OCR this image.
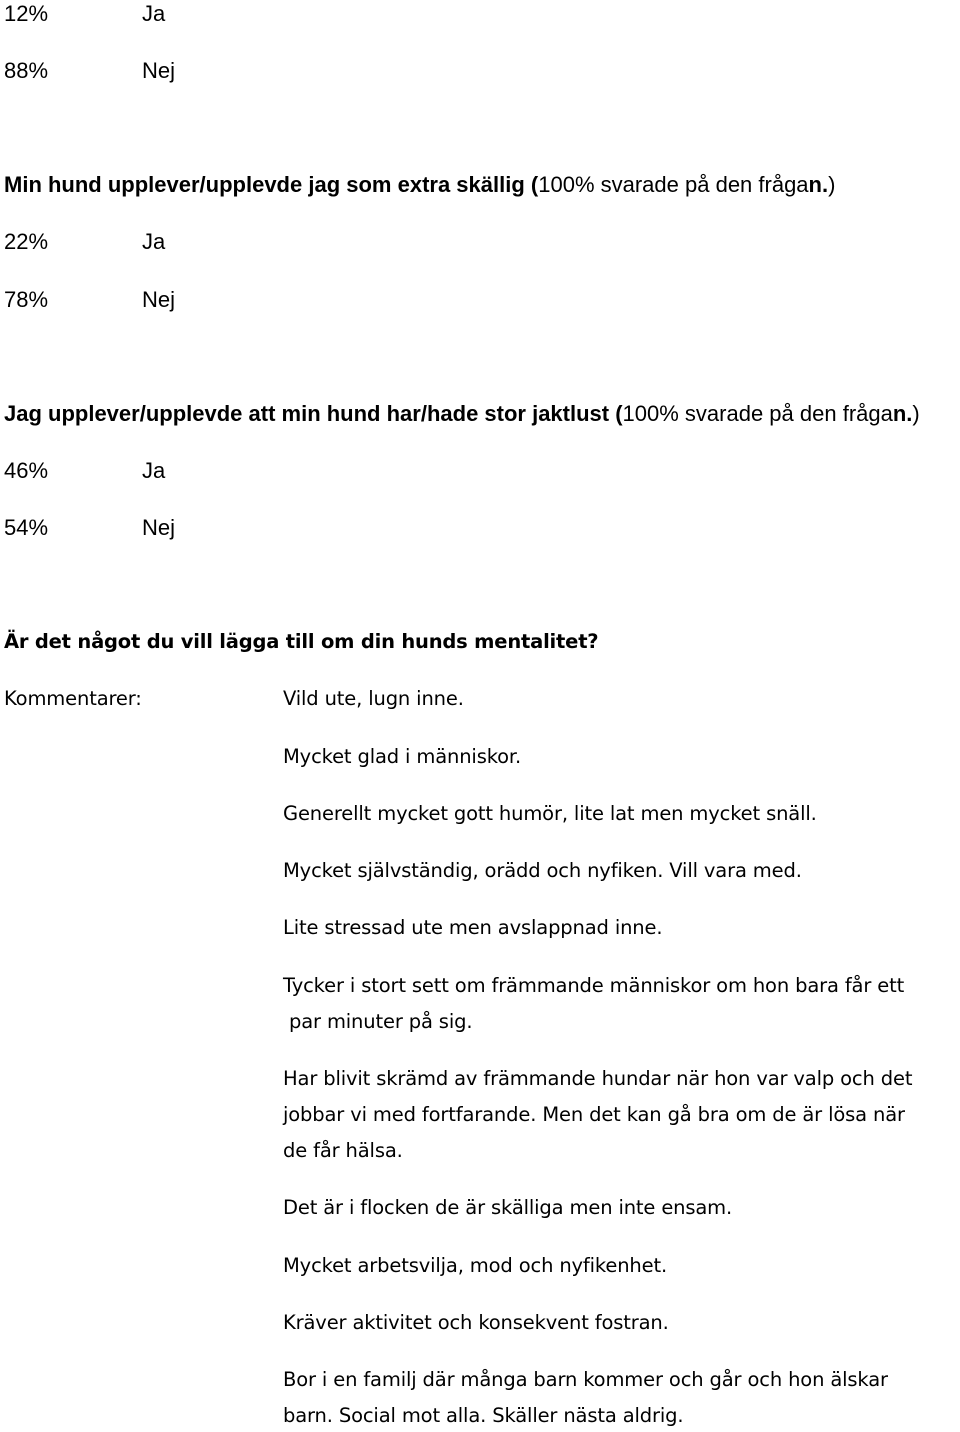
12%	Ja
88%	Nej
Min hund upplever/upplevde jag som extra skällig (100% svarade på den frågan.)
22%	Ja
78%	Nej
Jag upplever/upplevde att min hund har/hade stor jaktlust (100% svarade på den frågan.)
46%	Ja
54%	Nej
Är det något du vill lägga till om din hunds mentalitet?
Kommentarer:	Vild ute, lugn inne.
Mycket glad i människor.
Generellt mycket gott humör, lite lat men mycket snäll.
Mycket självständig, orädd och nyfiken. Vill vara med.
Lite stressad ute men avslappnad inne.
Tycker i stort sett om främmande människor om hon bara får ett
par minuter på sig.
Har blivit skrämd av främmande hundar när hon var valp och det
jobbar vi med fortfarande. Men det kan gå bra om de är lösa när
de får hälsa.
Det är i flocken de är skälliga men inte ensam.
Mycket arbetsvilja, mod och nyfikenhet.
Kräver aktivitet och konsekvent fostran.
Bor i en familj där många barn kommer och går och hon älskar
barn. Social mot alla. Skäller nästa aldrig.
